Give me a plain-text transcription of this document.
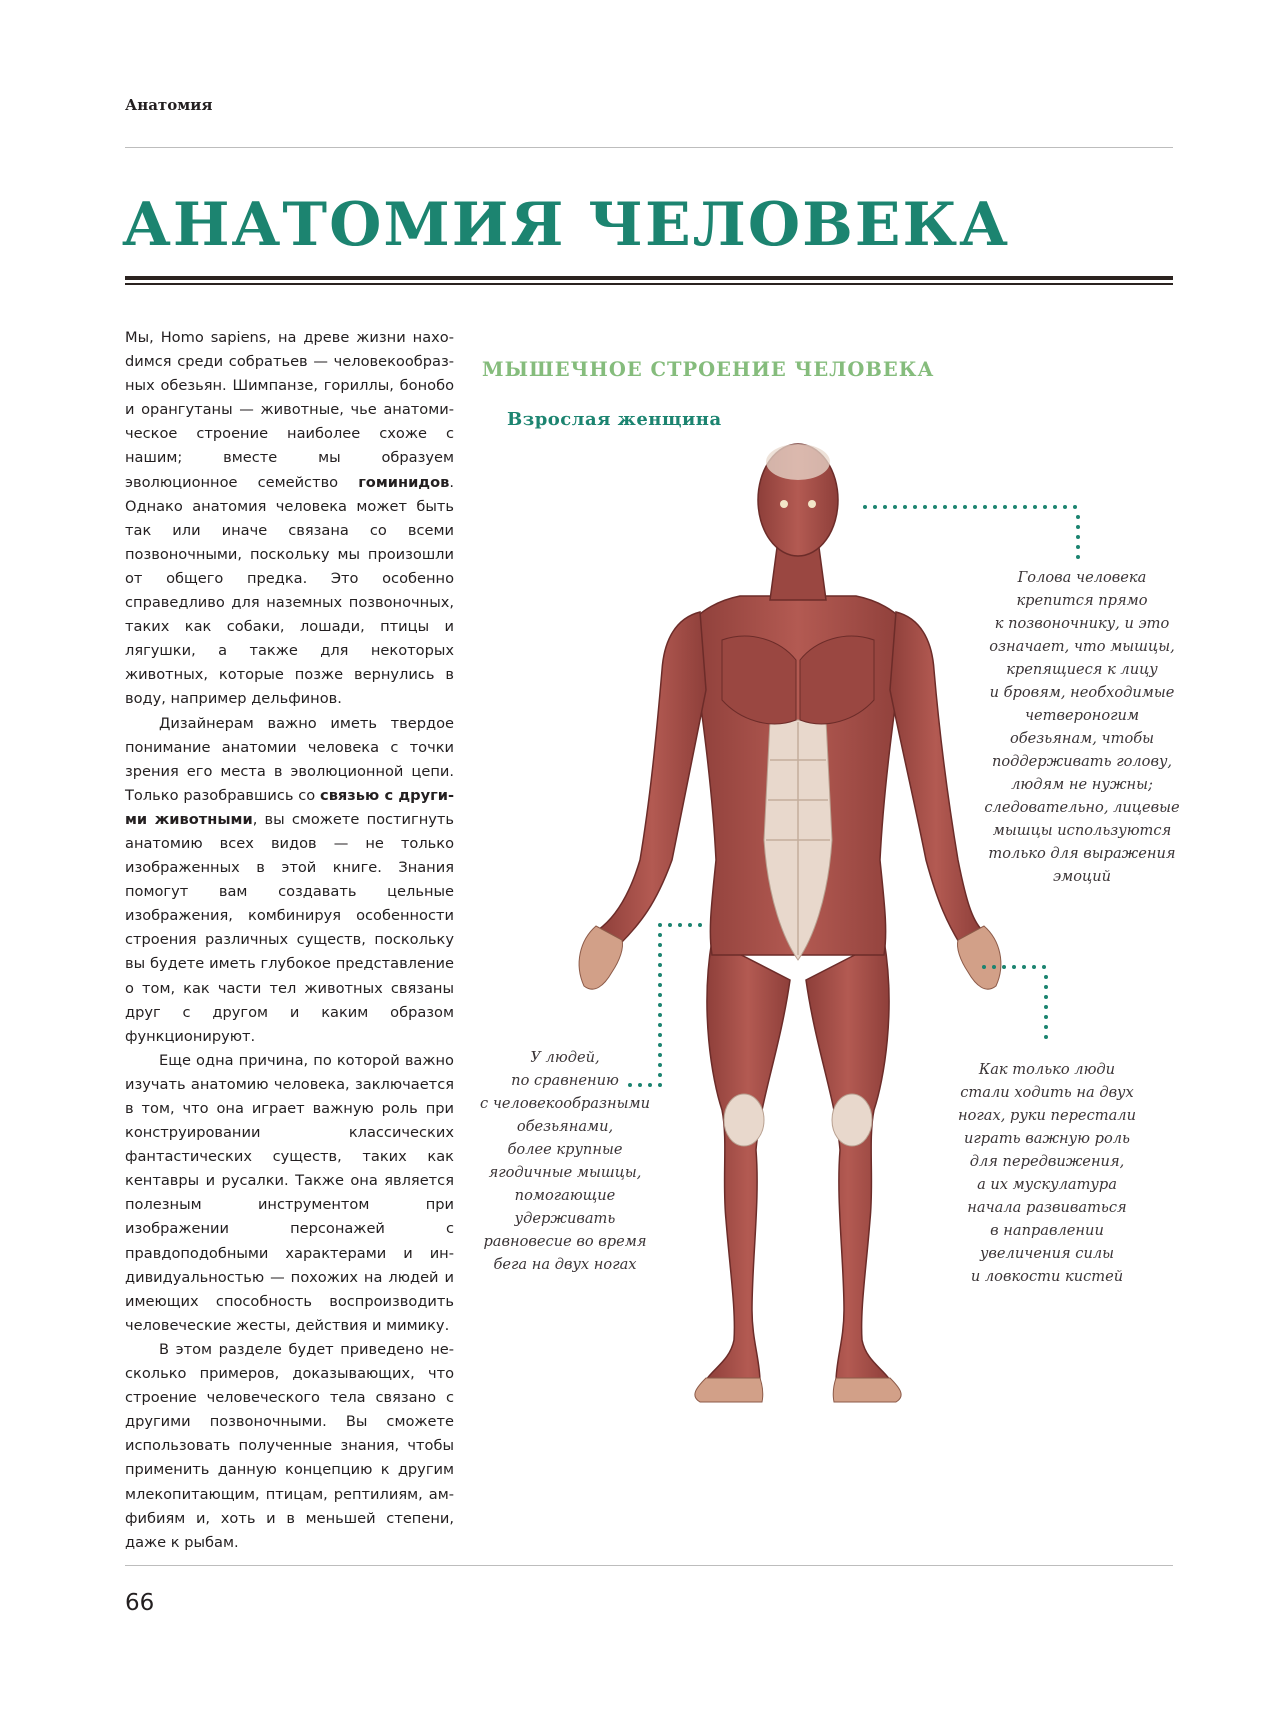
Анатомия
АНАТОМИЯ ЧЕЛОВЕКА

Мы, Homo sapiens, на древе жизни нахоdимся среди собратьев — человекообразных обезьян. Шимпанзе, гориллы, бонобо и орангутаны — животные, чье анатомическое строение наиболее схоже с нашим; вместе мы образуем эволюционное семейство гоминидов. Однако анатомия человека может быть так или иначе связана со всеми позвоночными, поскольку мы произошли от общего предка. Это особенно справедливо для наземных позвоночных, таких как собаки, лошади, птицы и лягушки, а также для некоторых животных, которые позже вернулись в воду, например дельфинов.

Дизайнерам важно иметь твердое понимание анатомии человека с точки зрения его места в эволюционной цепи. Только разобравшись со связью с другими животными, вы сможете постигнуть анатомию всех видов — не только изображенных в этой книге. Знания помогут вам создавать цельные изображения, комбинируя особенности строения различных существ, поскольку вы будете иметь глубокое представление о том, как части тел животных связаны друг с другом и каким образом функционируют.

Еще одна причина, по которой важно изучать анатомию человека, заключается в том, что она играет важную роль при конструировании классических фантастических существ, таких как кентавры и русалки. Также она является полезным инструментом при изображении персонажей с правдоподобными характерами и индивидуальностью — похожих на людей и имеющих способность воспроизводить человеческие жесты, действия и мимику.

В этом разделе будет приведено несколько примеров, доказывающих, что строение человеческого тела связано с другими позвоночными. Вы сможете использовать полученные знания, чтобы применить данную концепцию к другим млекопитающим, птицам, рептилиям, амфибиям и, хоть и в меньшей степени, даже к рыбам.

МЫШЕЧНОЕ СТРОЕНИЕ ЧЕЛОВЕКА
Взрослая женщина
Голова человека
крепится прямо
к позвоночнику, и это
означает, что мышцы,
крепящиеся к лицу
и бровям, необходимые
четвероногим
обезьянам, чтобы
поддерживать голову,
людям не нужны;
следовательно, лицевые
мышцы используются
только для выражения
эмоций
У людей,
по сравнению
с человекообразными
обезьянами,
более крупные
ягодичные мышцы,
помогающие
удерживать
равновесие во время
бега на двух ногах
Как только люди
стали ходить на двух
ногах, руки перестали
играть важную роль
для передвижения,
а их мускулатура
начала развиваться
в направлении
увеличения силы
и ловкости кистей
66
